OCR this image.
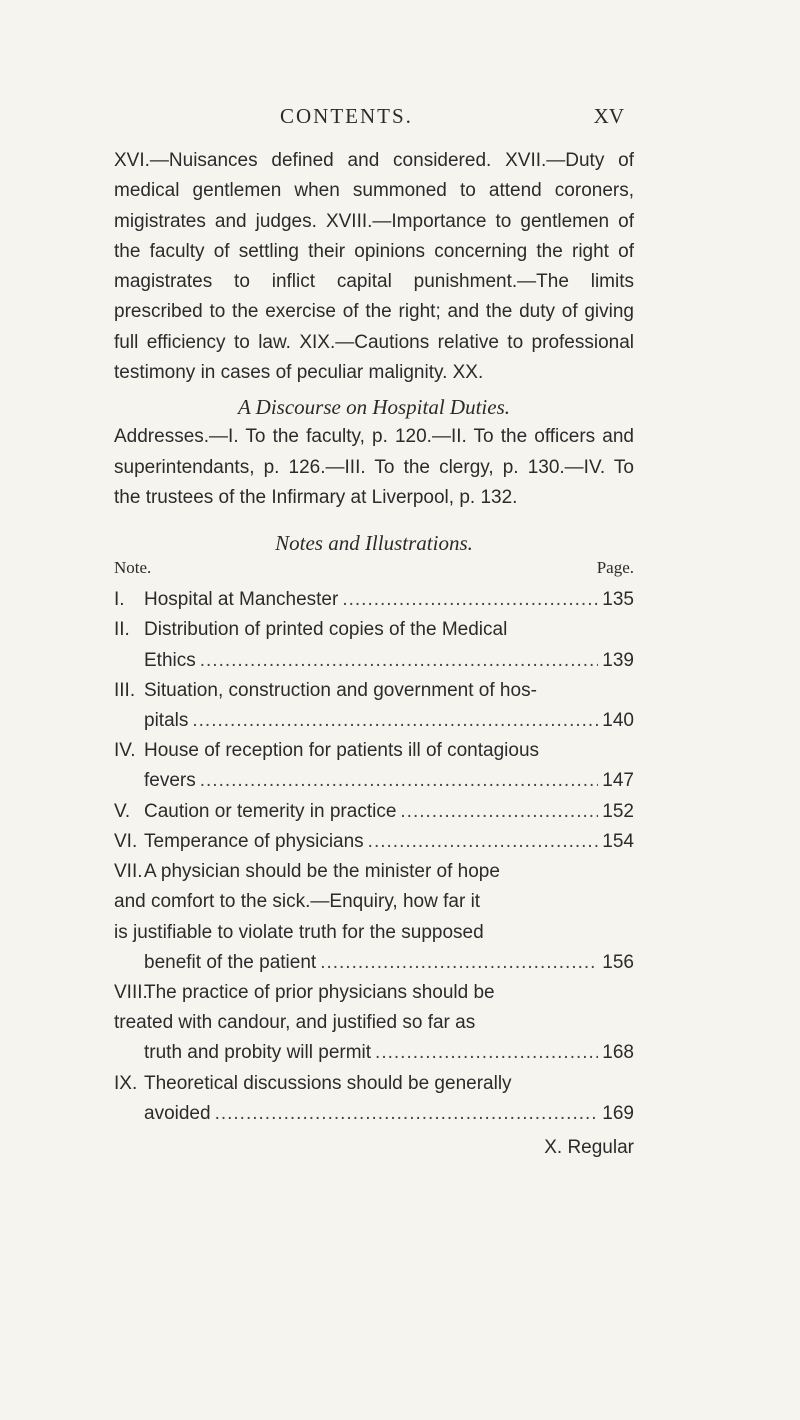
CONTENTS.	XV

XVI.—Nuisances defined and considered. XVII.—Duty of medical gentlemen when summoned to attend coroners, migistrates and judges. XVIII.—Importance to gentlemen of the faculty of settling their opinions concerning the right of magistrates to inflict capital punishment.—The limits prescribed to the exercise of the right; and the duty of giving full efficiency to law. XIX.—Cautions relative to professional testimony in cases of peculiar malignity. XX.

A Discourse on Hospital Duties.

Addresses.—I. To the faculty, p. 120.—II. To the officers and superintendants, p. 126.—III. To the clergy, p. 130.—IV. To the trustees of the Infirmary at Liverpool, p. 132.

Notes and Illustrations.
Note.	Page.
I.	Hospital at Manchester .....	135
II. Distribution of printed copies of the Medical
Ethics .....	139
III. Situation, construction and government of hos-
pitals .....	140
IV. House of reception for patients ill of contagious
fevers .....	147
V. Caution or temerity in practice .....	152
VI. Temperance of physicians .....	154
VII.A physician should be the minister of hope
and comfort to the sick.—Enquiry, how far it
is justifiable to violate truth for the supposed
benefit of the patient .....	156
VIII.The practice of prior physicians should be
treated with candour, and justified so far as
truth and probity will permit .....	168
IX. Theoretical discussions should be generally
avoided .....	169
X. Regular
